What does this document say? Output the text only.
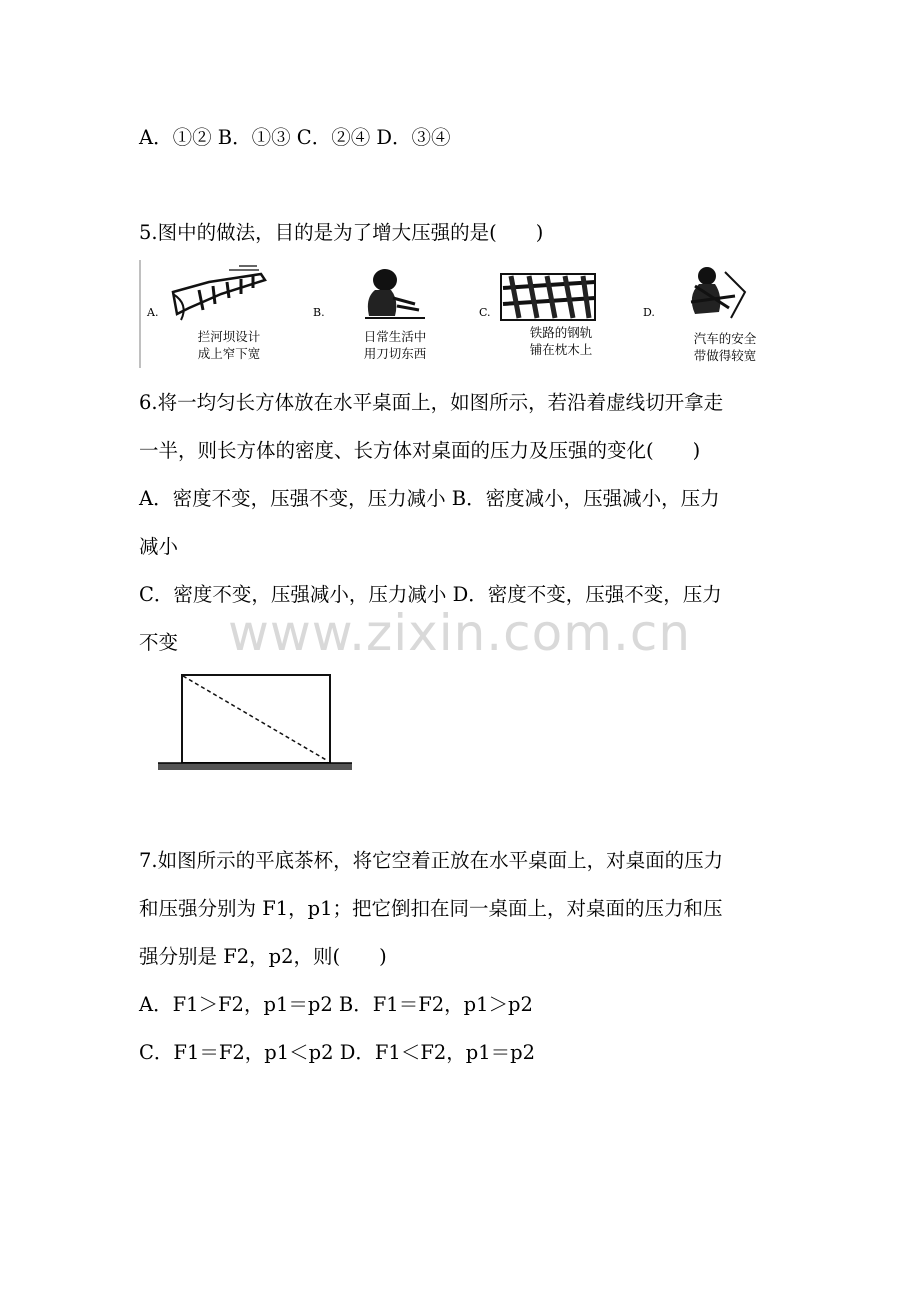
A．①② B．①③ C．②④ D．③④
5.图中的做法，目的是为了增大压强的是(　　)
A.
拦河坝设计
成上窄下宽
B.
日常生活中
用刀切东西
C.
铁路的钢轨
铺在枕木上
D.
汽车的安全
带做得较宽
6.将一均匀长方体放在水平桌面上，如图所示，若沿着虚线切开拿走
一半，则长方体的密度、长方体对桌面的压力及压强的变化(　　)
A．密度不变，压强不变，压力减小 B．密度减小，压强减小，压力
减小
C．密度不变，压强减小，压力减小 D．密度不变，压强不变，压力
不变 www.zixin.com.cn
7.如图所示的平底茶杯，将它空着正放在水平桌面上，对桌面的压力
和压强分别为 F1，p1；把它倒扣在同一桌面上，对桌面的压力和压
强分别是 F2，p2，则(　　)
A．F1＞F2，p1＝p2 B．F1＝F2，p1＞p2
C．F1＝F2，p1＜p2 D．F1＜F2，p1＝p2
